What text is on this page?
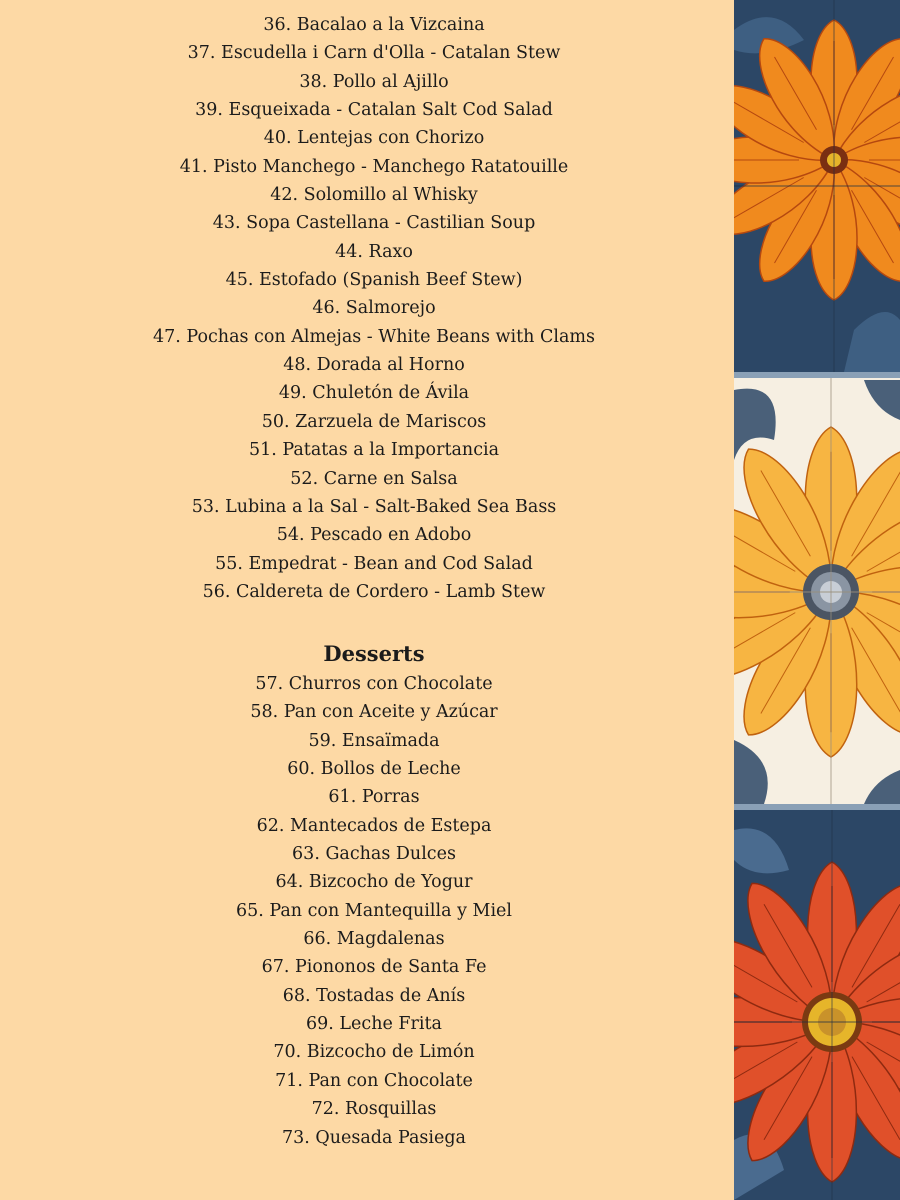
36. Bacalao a la Vizcaina
37. Escudella i Carn d'Olla - Catalan Stew
38. Pollo al Ajillo
39. Esqueixada - Catalan Salt Cod Salad
40. Lentejas con Chorizo
41. Pisto Manchego - Manchego Ratatouille
42. Solomillo al Whisky
43. Sopa Castellana - Castilian Soup
44. Raxo
45. Estofado (Spanish Beef Stew)
46. Salmorejo
47. Pochas con Almejas - White Beans with Clams
48. Dorada al Horno
49. Chuletón de Ávila
50. Zarzuela de Mariscos
51. Patatas a la Importancia
52. Carne en Salsa
53. Lubina a la Sal - Salt-Baked Sea Bass
54. Pescado en Adobo
55. Empedrat - Bean and Cod Salad
56. Caldereta de Cordero - Lamb Stew
Desserts
57. Churros con Chocolate
58. Pan con Aceite y Azúcar
59. Ensaïmada
60. Bollos de Leche
61. Porras
62. Mantecados de Estepa
63. Gachas Dulces
64. Bizcocho de Yogur
65. Pan con Mantequilla y Miel
66. Magdalenas
67. Piononos de Santa Fe
68. Tostadas de Anís
69. Leche Frita
70. Bizcocho de Limón
71. Pan con Chocolate
72. Rosquillas
73. Quesada Pasiega
